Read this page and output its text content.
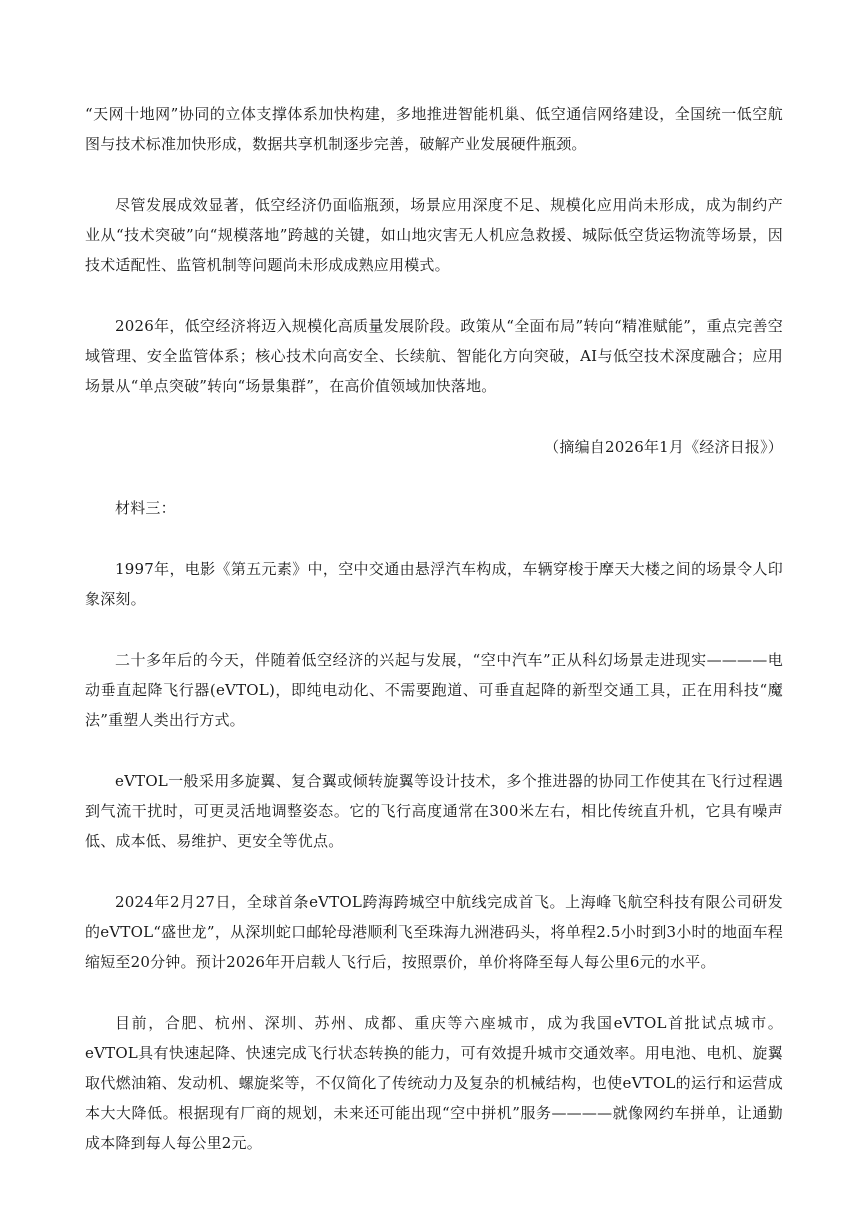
“天网十地网”协同的立体支撑体系加快构建，多地推进智能机巢、低空通信网络建设，全国统一低空航图与技术标准加快形成，数据共享机制逐步完善，破解产业发展硬件瓶颈。

尽管发展成效显著，低空经济仍面临瓶颈，场景应用深度不足、规模化应用尚未形成，成为制约产业从“技术突破”向“规模落地”跨越的关键，如山地灾害无人机应急救援、城际低空货运物流等场景，因技术适配性、监管机制等问题尚未形成成熟应用模式。

2026年，低空经济将迈入规模化高质量发展阶段。政策从“全面布局”转向“精准赋能”，重点完善空域管理、安全监管体系；核心技术向高安全、长续航、智能化方向突破，AI与低空技术深度融合；应用场景从“单点突破”转向“场景集群”，在高价值领域加快落地。

（摘编自2026年1月《经济日报》）

材料三：

1997年，电影《第五元素》中，空中交通由悬浮汽车构成，车辆穿梭于摩天大楼之间的场景令人印象深刻。

二十多年后的今天，伴随着低空经济的兴起与发展，“空中汽车”正从科幻场景走进现实————电动垂直起降飞行器(eVTOL)，即纯电动化、不需要跑道、可垂直起降的新型交通工具，正在用科技“魔法”重塑人类出行方式。

eVTOL一般采用多旋翼、复合翼或倾转旋翼等设计技术，多个推进器的协同工作使其在飞行过程遇到气流干扰时，可更灵活地调整姿态。它的飞行高度通常在300米左右，相比传统直升机，它具有噪声低、成本低、易维护、更安全等优点。

2024年2月27日，全球首条eVTOL跨海跨城空中航线完成首飞。上海峰飞航空科技有限公司研发的eVTOL“盛世龙”，从深圳蛇口邮轮母港顺利飞至珠海九洲港码头，将单程2.5小时到3小时的地面车程缩短至20分钟。预计2026年开启载人飞行后，按照票价，单价将降至每人每公里6元的水平。

目前，合肥、杭州、深圳、苏州、成都、重庆等六座城市，成为我国eVTOL首批试点城市。eVTOL具有快速起降、快速完成飞行状态转换的能力，可有效提升城市交通效率。用电池、电机、旋翼取代燃油箱、发动机、螺旋桨等，不仅简化了传统动力及复杂的机械结构，也使eVTOL的运行和运营成本大大降低。根据现有厂商的规划，未来还可能出现“空中拼机”服务————就像网约车拼单，让通勤成本降到每人每公里2元。
